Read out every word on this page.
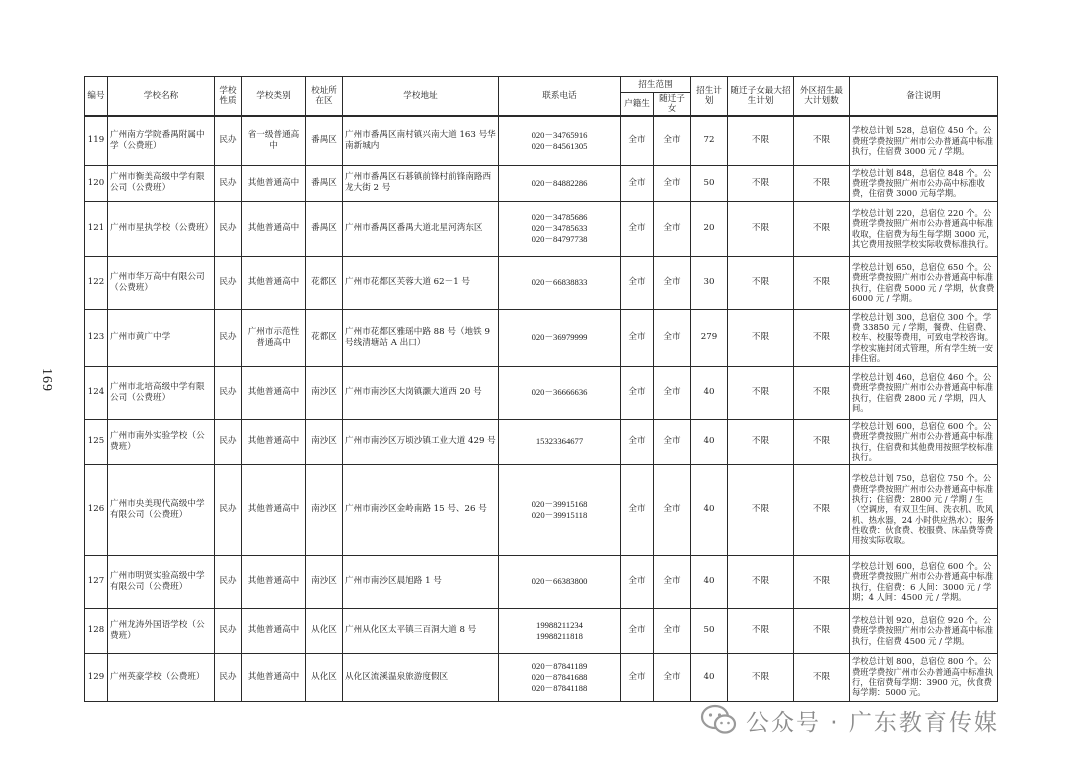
169
编号	学校名称	学校性质	学校类别	校址所在区	学校地址	联系电话	招生范围		招生计划	随迁子女最大招生计划	外区招生最大计划数	备注说明
							户籍生	随迁子女				
119	广州南方学院番禺附属中学（公费班）	民办	省一级普通高中	番禺区	广州市番禺区南村镇兴南大道 163 号华南新城内	020－34765916
020－84561305	全市	全市	72	不限	不限	学校总计划 528，总宿位 450 个。公费班学费按照广州市公办普通高中标准执行，住宿费 3000 元 / 学期。
120	广州市衡美高级中学有限公司（公费班）	民办	其他普通高中	番禺区	广州市番禺区石碁镇前锋村前锋南路西龙大街 2 号	020－84882286	全市	全市	50	不限	不限	学校总计划 848，总宿位 848 个。公费班学费按照广州市公办高中标准收费，住宿费 3000 元每学期。
121	广州市星执学校（公费班）	民办	其他普通高中	番禺区	广州市番禺区番禺大道北星河湾东区	020－34785686
020－34785633
020－84797738	全市	全市	20	不限	不限	学校总计划 220，总宿位 220 个。公费班学费按照广州市公办普通高中标准收取，住宿费为每生每学期 3000 元，其它费用按照学校实际收费标准执行。
122	广州市华万高中有限公司（公费班）	民办	其他普通高中	花都区	广州市花都区芙蓉大道 62－1 号	020－66838833	全市	全市	30	不限	不限	学校总计划 650，总宿位 650 个。公费班学费按照广州市公办普通高中标准执行，住宿费 5000 元 / 学期，伙食费 6000 元 / 学期。
123	广州市黄广中学	民办	广州市示范性普通高中	花都区	广州市花都区雅瑶中路 88 号（地铁 9 号线清塘站 A 出口）	020－36979999	全市	全市	279	不限	不限	学校总计划 300，总宿位 300 个。学费 33850 元 / 学期，餐费、住宿费、校车、校服等费用，可致电学校咨询。学校实施封闭式管理，所有学生统一安排住宿。
124	广州市北培高级中学有限公司（公费班）	民办	其他普通高中	南沙区	广州市南沙区大岗镇灏大道西 20 号	020－36666636	全市	全市	40	不限	不限	学校总计划 460，总宿位 460 个。公费班学费按照广州市公办普通高中标准执行，住宿费 2800 元 / 学期，四人间。
125	广州市南外实验学校（公费班）	民办	其他普通高中	南沙区	广州市南沙区万顷沙镇工业大道 429 号	15323364677	全市	全市	40	不限	不限	学校总计划 600，总宿位 600 个。公费班学费按照广州市公办普通高中标准执行，住宿费和其他费用按照学校标准执行。
126	广州市央美现代高级中学有限公司（公费班）	民办	其他普通高中	南沙区	广州市南沙区金岭南路 15 号、26 号	020－39915168
020－39915118	全市	全市	40	不限	不限	学校总计划 750，总宿位 750 个。公费班学费按照广州市公办普通高中标准执行；住宿费：2800 元 / 学期 / 生（空调房，有双卫生间、洗衣机、吹风机、热水器，24 小时供应热水）；服务性收费：伙食费、校服费、床品费等费用按实际收取。
127	广州市明贤实验高级中学有限公司（公费班）	民办	其他普通高中	南沙区	广州市南沙区晨旭路 1 号	020－66383800	全市	全市	40	不限	不限	学校总计划 600，总宿位 600 个。公费班学费按照广州市公办普通高中标准执行，住宿费：6 人间：3000 元 / 学期；4 人间：4500 元 / 学期。
128	广州龙涛外国语学校（公费班）	民办	其他普通高中	从化区	广州从化区太平镇三百洞大道 8 号	19988211234
19988211818	全市	全市	50	不限	不限	学校总计划 920，总宿位 920 个。公费班学费按照广州市公办普通高中标准执行，住宿费 4500 元 / 学期。
129	广州英豪学校（公费班）	民办	其他普通高中	从化区	从化区流溪温泉旅游度假区	020－87841189
020－87841688
020－87841188	全市	全市	40	不限	不限	学校总计划 800，总宿位 800 个。公费班学费按广州市公办普通高中标准执行，住宿费每学期：3900 元，伙食费每学期：5000 元。
公众号 · 广东教育传媒
